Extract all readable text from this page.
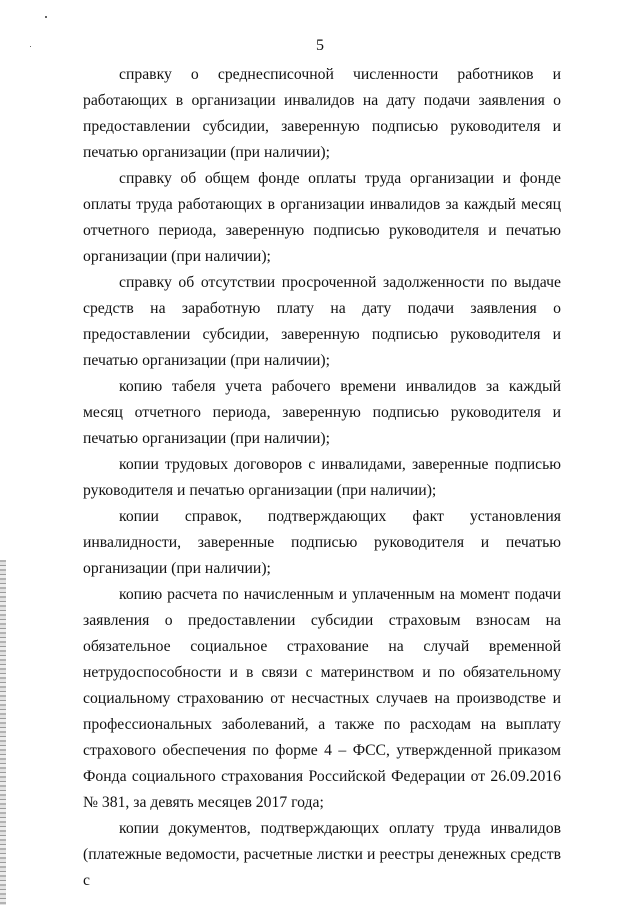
5

справку о среднесписочной численности работников и работающих в организации инвалидов на дату подачи заявления о предоставлении субсидии, заверенную подписью руководителя и печатью организации (при наличии);

справку об общем фонде оплаты труда организации и фонде оплаты труда работающих в организации инвалидов за каждый месяц отчетного периода, заверенную подписью руководителя и печатью организации (при наличии);

справку об отсутствии просроченной задолженности по выдаче средств на заработную плату на дату подачи заявления о предоставлении субсидии, заверенную подписью руководителя и печатью организации (при наличии);

копию табеля учета рабочего времени инвалидов за каждый месяц отчетного периода, заверенную подписью руководителя и печатью организации (при наличии);

копии трудовых договоров с инвалидами, заверенные подписью руководителя и печатью организации (при наличии);

копии справок, подтверждающих факт установления инвалидности, заверенные подписью руководителя и печатью организации (при наличии);

копию расчета по начисленным и уплаченным на момент подачи заявления о предоставлении субсидии страховым взносам на обязательное социальное страхование на случай временной нетрудоспособности и в связи с материнством и по обязательному социальному страхованию от несчастных случаев на производстве и профессиональных заболеваний, а также по расходам на выплату страхового обеспечения по форме 4 – ФСС, утвержденной приказом Фонда социального страхования Российской Федерации от 26.09.2016 № 381, за девять месяцев 2017 года;

копии документов, подтверждающих оплату труда инвалидов (платежные ведомости, расчетные листки и реестры денежных средств с
